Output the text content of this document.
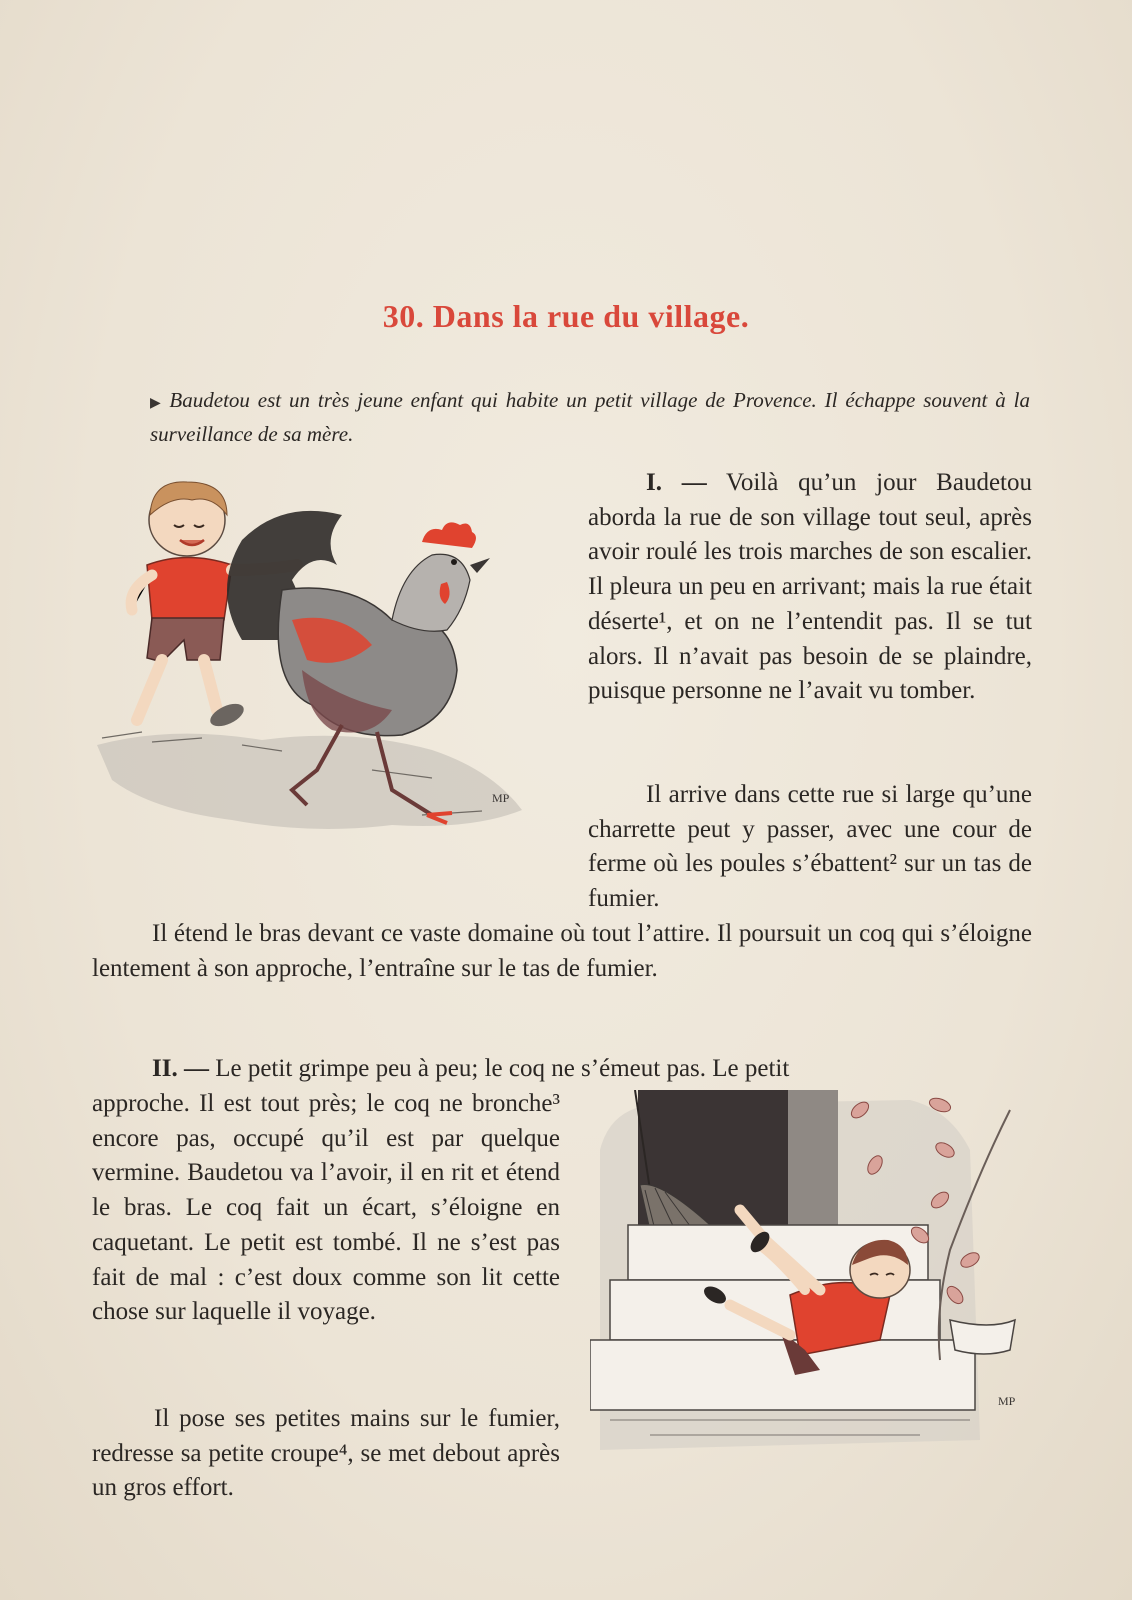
30. Dans la rue du village.

▶ Baudetou est un très jeune enfant qui habite un petit village de Provence. Il échappe souvent à la surveillance de sa mère.

MP

I. — Voilà qu’un jour Baudetou aborda la rue de son village tout seul, après avoir roulé les trois marches de son escalier. Il pleura un peu en arrivant; mais la rue était déserte¹, et on ne l’entendit pas. Il se tut alors. Il n’avait pas besoin de se plaindre, puisque personne ne l’avait vu tomber.

Il arrive dans cette rue si large qu’une charrette peut y passer, avec une cour de ferme où les poules s’ébattent² sur un tas de fumier.

Il étend le bras devant ce vaste domaine où tout l’attire. Il poursuit un coq qui s’éloigne lentement à son approche, l’entraîne sur le tas de fumier.

II. — Le petit grimpe peu à peu; le coq ne s’émeut pas. Le petit

approche. Il est tout près; le coq ne bronche³ encore pas, occupé qu’il est par quelque vermine. Baudetou va l’avoir, il en rit et étend le bras. Le coq fait un écart, s’éloigne en caquetant. Le petit est tombé. Il ne s’est pas fait de mal : c’est doux comme son lit cette chose sur laquelle il voyage.

Il pose ses petites mains sur le fumier, redresse sa petite croupe⁴, se met debout après un gros effort.

MP
